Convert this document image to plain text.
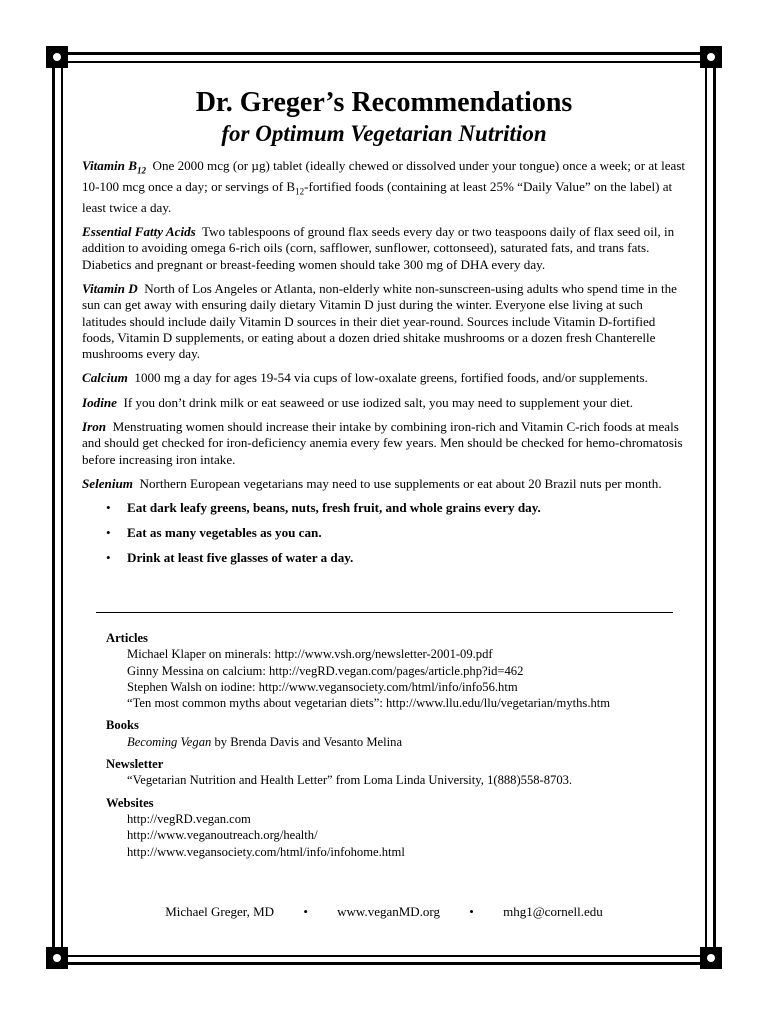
Dr. Greger’s Recommendations
for Optimum Vegetarian Nutrition

Vitamin $B_{12}$ One 2000 mcg (or µg) tablet (ideally chewed or dissolved under your tongue) once a week; or at least 10-100 mcg once a day; or servings of $B_{12}$-fortified foods (containing at least 25% “Daily Value” on the label) at least twice a day.

Essential Fatty Acids Two tablespoons of ground flax seeds every day or two teaspoons daily of flax seed oil, in addition to avoiding omega 6-rich oils (corn, safflower, sunflower, cottonseed), saturated fats, and trans fats. Diabetics and pregnant or breast-feeding women should take 300 mg of DHA every day.

Vitamin D North of Los Angeles or Atlanta, non-elderly white non-sunscreen-using adults who spend time in the sun can get away with ensuring daily dietary Vitamin D just during the winter. Everyone else living at such latitudes should include daily Vitamin D sources in their diet year-round. Sources include Vitamin D-fortified foods, Vitamin D supplements, or eating about a dozen dried shitake mushrooms or a dozen fresh Chanterelle mushrooms every day.

Calcium 1000 mg a day for ages 19-54 via cups of low-oxalate greens, fortified foods, and/or supplements.

Iodine If you don’t drink milk or eat seaweed or use iodized salt, you may need to supplement your diet.

Iron Menstruating women should increase their intake by combining iron-rich and Vitamin C-rich foods at meals and should get checked for iron-deficiency anemia every few years. Men should be checked for hemo-chromatosis before increasing iron intake.

Selenium Northern European vegetarians may need to use supplements or eat about 20 Brazil nuts per month.

• Eat dark leafy greens, beans, nuts, fresh fruit, and whole grains every day.
• Eat as many vegetables as you can.
• Drink at least five glasses of water a day.
Articles
Michael Klaper on minerals: http://www.vsh.org/newsletter-2001-09.pdf
Ginny Messina on calcium: http://vegRD.vegan.com/pages/article.php?id=462
Stephen Walsh on iodine: http://www.vegansociety.com/html/info/info56.htm
“Ten most common myths about vegetarian diets”: http://www.llu.edu/llu/vegetarian/myths.htm
Books
Becoming Vegan by Brenda Davis and Vesanto Melina
Newsletter
“Vegetarian Nutrition and Health Letter” from Loma Linda University, 1(888)558-8703.
Websites
http://vegRD.vegan.com
http://www.veganoutreach.org/health/
http://www.vegansociety.com/html/info/infohome.html
Michael Greger, MD • www.veganMD.org • mhg1@cornell.edu
